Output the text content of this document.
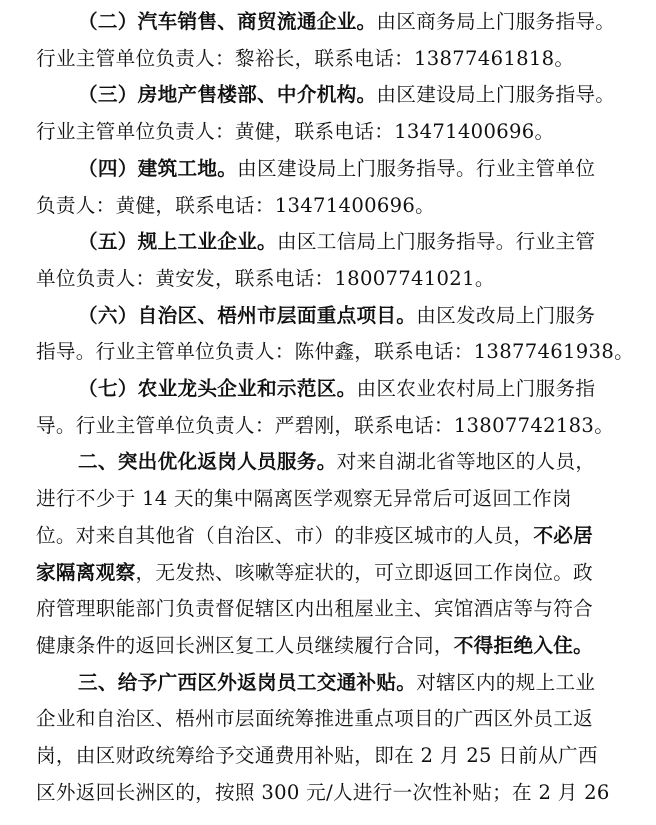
（二）汽车销售、商贸流通企业。由区商务局上门服务指导。
行业主管单位负责人：黎裕长，联系电话：13877461818。
（三）房地产售楼部、中介机构。由区建设局上门服务指导。
行业主管单位负责人：黄健，联系电话：13471400696。
（四）建筑工地。由区建设局上门服务指导。行业主管单位
负责人：黄健，联系电话：13471400696。
（五）规上工业企业。由区工信局上门服务指导。行业主管
单位负责人：黄安发，联系电话：18007741021。
（六）自治区、梧州市层面重点项目。由区发改局上门服务
指导。行业主管单位负责人：陈仲鑫，联系电话：13877461938。
（七）农业龙头企业和示范区。由区农业农村局上门服务指
导。行业主管单位负责人：严碧刚，联系电话：13807742183。
二、突出优化返岗人员服务。对来自湖北省等地区的人员，
进行不少于 14 天的集中隔离医学观察无异常后可返回工作岗
位。对来自其他省（自治区、市）的非疫区城市的人员，不必居
家隔离观察，无发热、咳嗽等症状的，可立即返回工作岗位。政
府管理职能部门负责督促辖区内出租屋业主、宾馆酒店等与符合
健康条件的返回长洲区复工人员继续履行合同，不得拒绝入住。
三、给予广西区外返岗员工交通补贴。对辖区内的规上工业
企业和自治区、梧州市层面统筹推进重点项目的广西区外员工返
岗，由区财政统筹给予交通费用补贴，即在 2 月 25 日前从广西
区外返回长洲区的，按照 300 元/人进行一次性补贴；在 2 月 26
